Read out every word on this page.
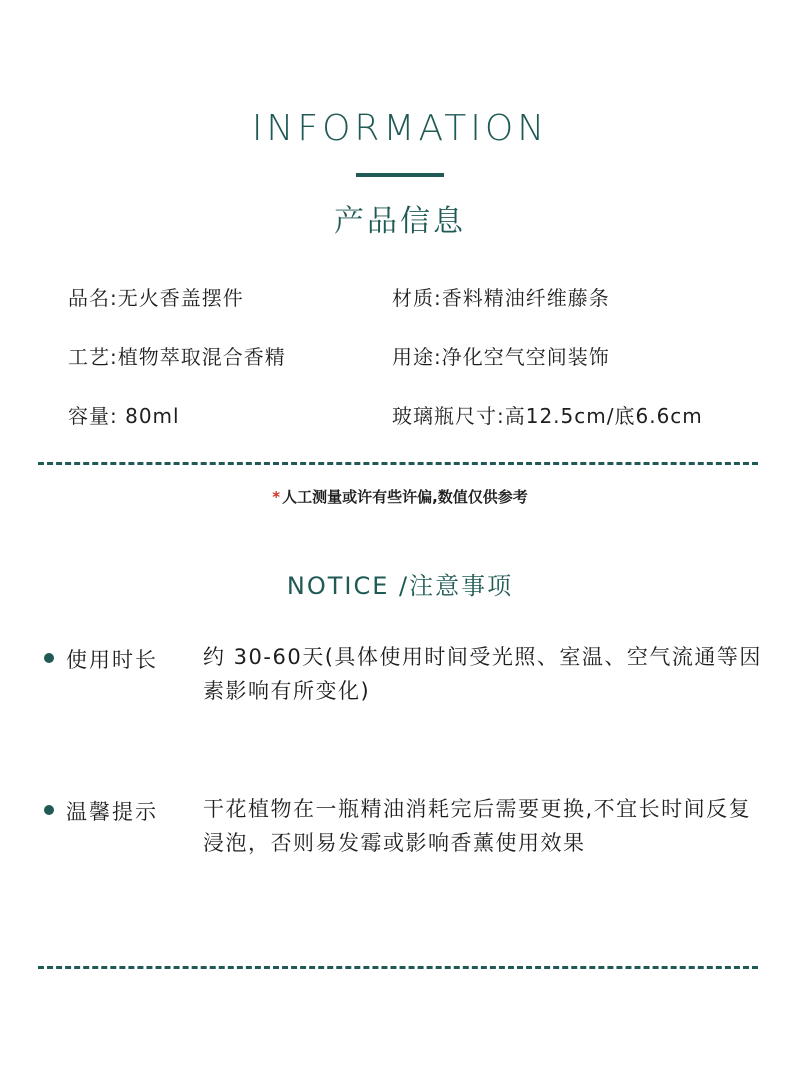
INFORMATION
产品信息
品名:无火香盖摆件	材质:香料精油纤维藤条
工艺:植物萃取混合香精	用途:净化空气空间装饰
容量: 80ml	玻璃瓶尺寸:高12.5cm/底6.6cm
* 人工测量或许有些许偏,数值仅供参考
NOTICE /注意事项
使用时长 约 30-60天(具体使用时间受光照、室温、空气流通等因素影响有所变化)
温馨提示 干花植物在一瓶精油消耗完后需要更换,不宜长时间反复浸泡，否则易发霉或影响香薰使用效果
